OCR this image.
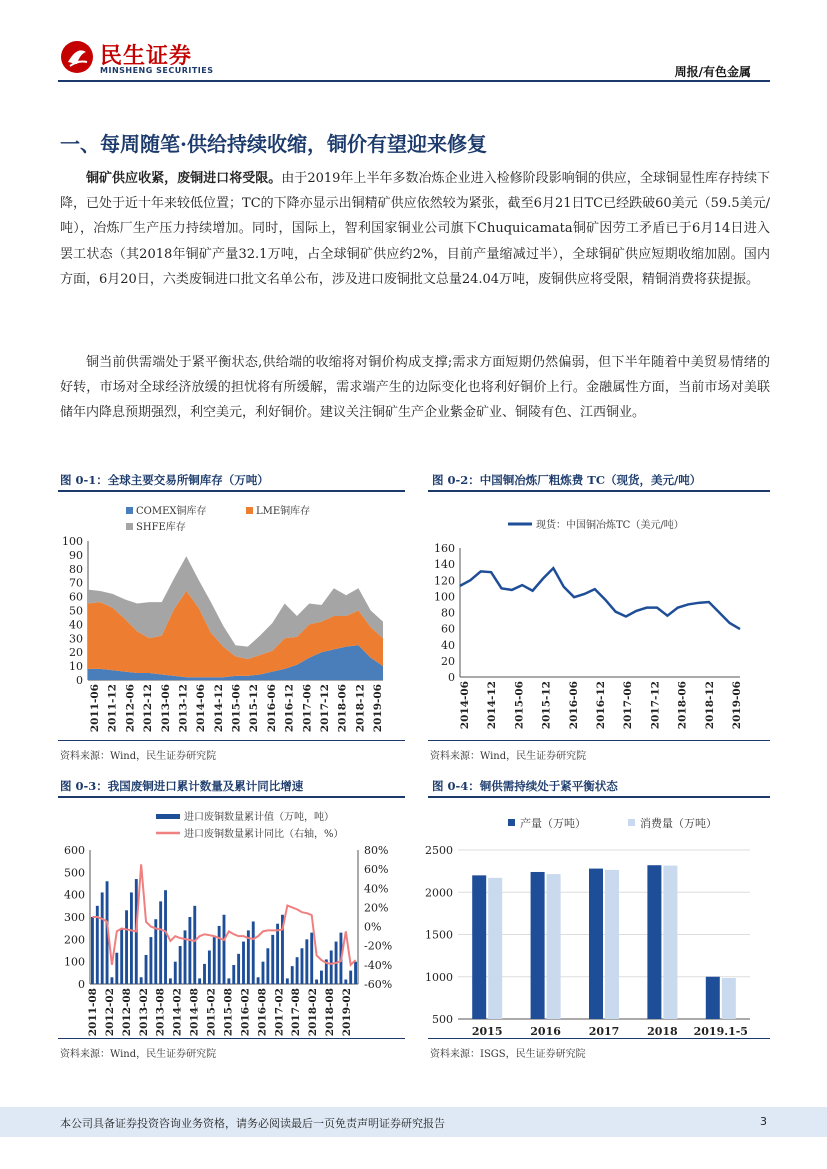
民生证券
MINSHENG SECURITIES	周报/有色金属
一、每周随笔·供给持续收缩，铜价有望迎来修复
铜矿供应收紧，废铜进口将受限。由于2019年上半年多数冶炼企业进入检修阶段影响铜的供应，全球铜显性库存持续下降，已处于近十年来较低位置；TC的下降亦显示出铜精矿供应依然较为紧张，截至6月21日TC已经跌破60美元（59.5美元/吨），冶炼厂生产压力持续增加。同时，国际上，智利国家铜业公司旗下Chuquicamata铜矿因劳工矛盾已于6月14日进入罢工状态（其2018年铜矿产量32.1万吨，占全球铜矿供应约2%，目前产量缩减过半），全球铜矿供应短期收缩加剧。国内方面，6月20日，六类废铜进口批文名单公布，涉及进口废铜批文总量24.04万吨，废铜供应将受限，精铜消费将获提振。
铜当前供需端处于紧平衡状态,供给端的收缩将对铜价构成支撑;需求方面短期仍然偏弱，但下半年随着中美贸易情绪的好转，市场对全球经济放缓的担忧将有所缓解，需求端产生的边际变化也将利好铜价上行。金融属性方面，当前市场对美联储年内降息预期强烈，利空美元，利好铜价。建议关注铜矿生产企业紫金矿业、铜陵有色、江西铜业。
图 0-1：全球主要交易所铜库存（万吨）
COMEX铜库存	LME铜库存
SHFE库存
0
10
20
30
40
50
60
70
80
90
100
2011-06 2011-12 2012-06 2012-12 2013-06 2013-12 2014-06 2014-12 2015-06 2015-12 2016-06 2016-12 2017-06 2017-12 2018-06 2018-12 2019-06
资料来源：Wind，民生证券研究院
图 0-2：中国铜冶炼厂粗炼费 TC（现货，美元/吨）
现货：中国铜冶炼TC（美元/吨）
0
20
40
60
80
100
120
140
160
2014-06 2014-12 2015-06 2015-12 2016-06 2016-12 2017-06 2017-12 2018-06 2018-12 2019-06
资料来源：Wind，民生证券研究院
图 0-3：我国废铜进口累计数量及累计同比增速
进口废铜数量累计值（万吨，吨）
进口废铜数量累计同比（右轴，%）
0
100
200
300
400
500
600	80%
60%
40%
20%
0%
-20%
-40%
-60%
2011-08 2012-02 2012-08 2013-02 2013-08 2014-02 2014-08 2015-02 2015-08 2016-02 2016-08 2017-02 2017-08 2018-02 2018-08 2019-02
资料来源：Wind，民生证券研究院
图 0-4：铜供需持续处于紧平衡状态
产量（万吨）	消费量（万吨）
500
1000
1500
2000
2500
2015	2016	2017	2018 2019.1-5
资料来源：ISGS，民生证券研究院
本公司具备证券投资咨询业务资格，请务必阅读最后一页免责声明证券研究报告	3
